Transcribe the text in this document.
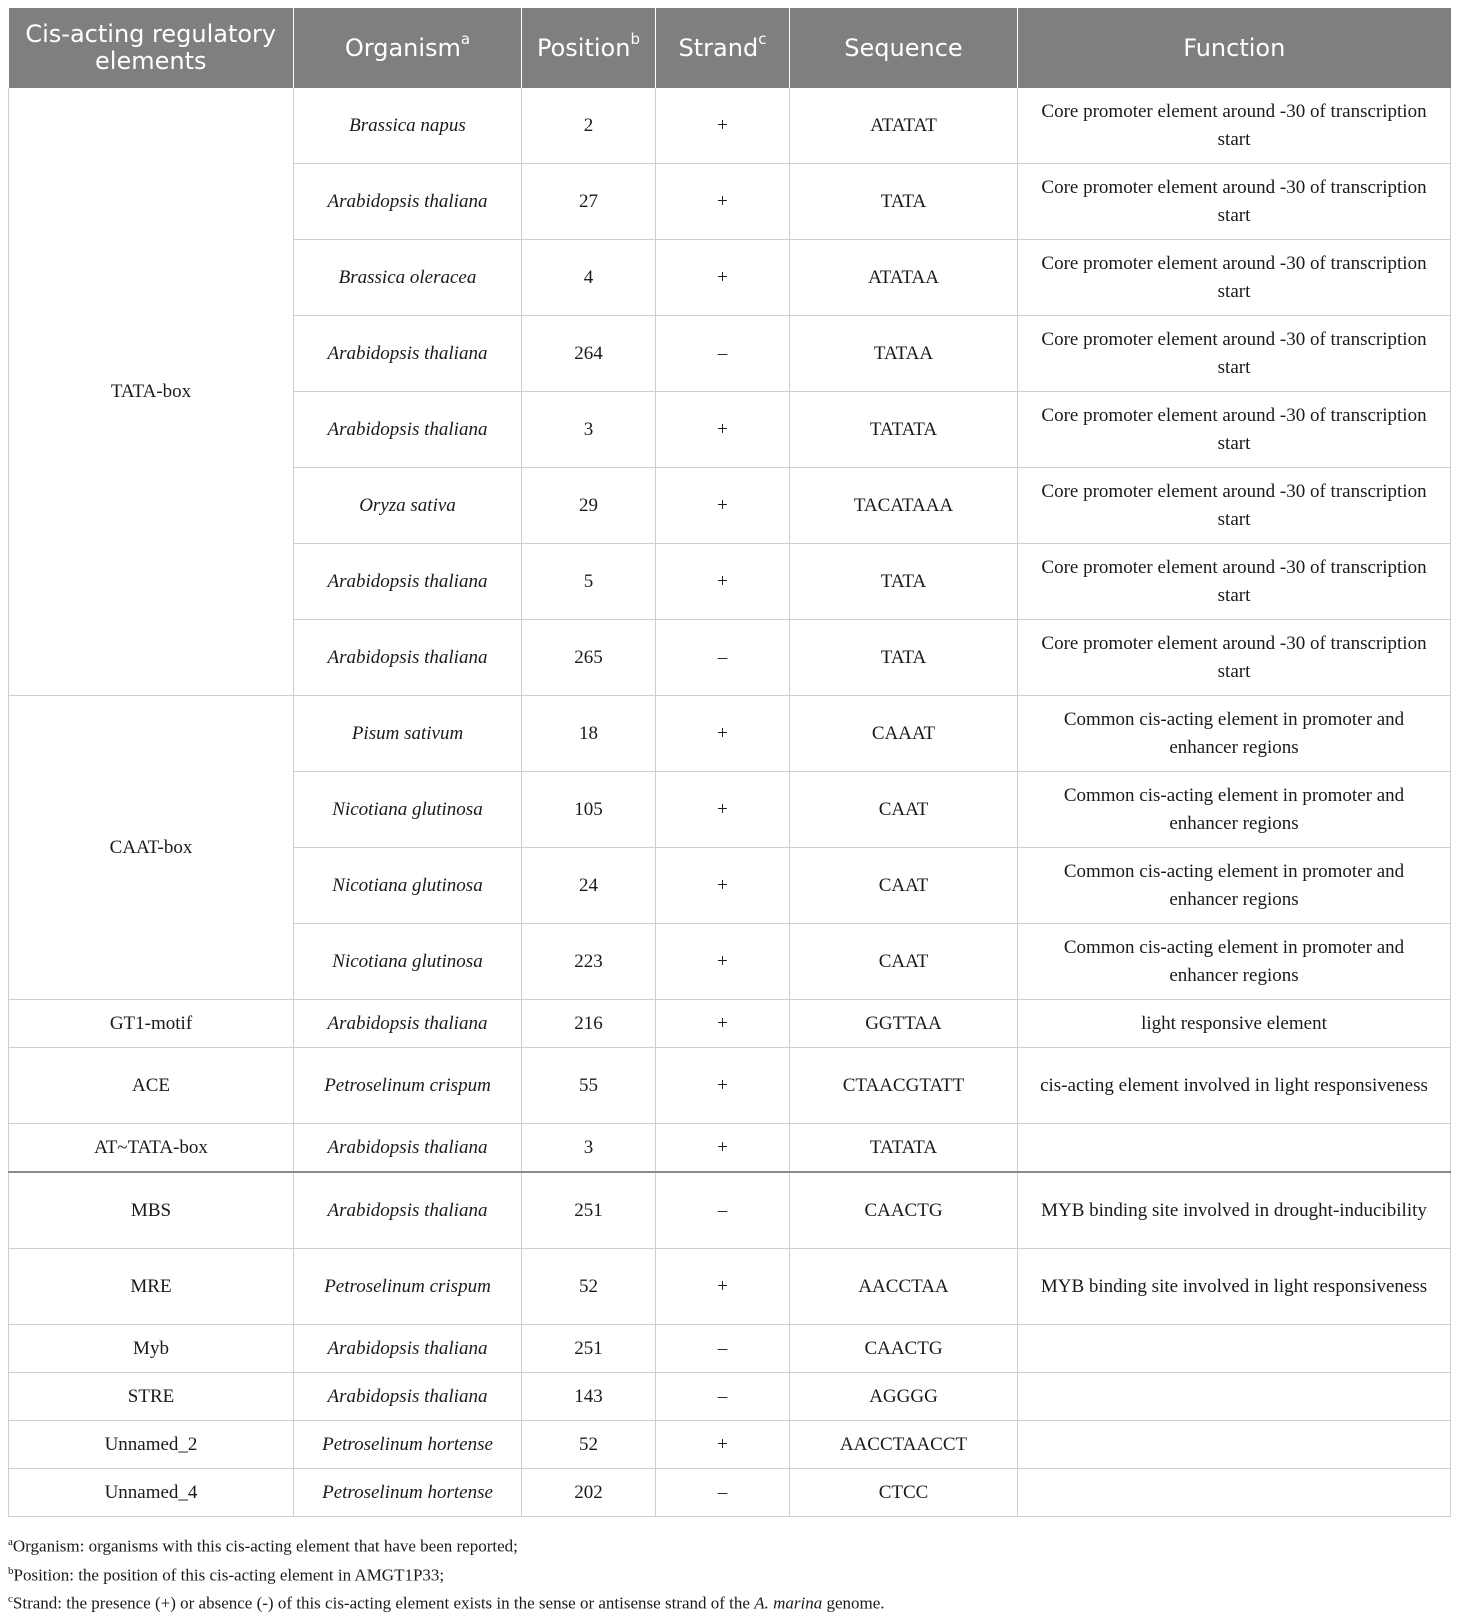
Cis-acting regulatory elements	Organism$^a$	Position$^b$	Strand$^c$	Sequence	Function
TATA-box	Brassica napus	2	+	ATATAT	Core promoter element around -30 of transcription start
	Arabidopsis thaliana	27	+	TATA	Core promoter element around -30 of transcription start
	Brassica oleracea	4	+	ATATAA	Core promoter element around -30 of transcription start
	Arabidopsis thaliana	264	–	TATAA	Core promoter element around -30 of transcription start
	Arabidopsis thaliana	3	+	TATATA	Core promoter element around -30 of transcription start
	Oryza sativa	29	+	TACATAAA	Core promoter element around -30 of transcription start
	Arabidopsis thaliana	5	+	TATA	Core promoter element around -30 of transcription start
	Arabidopsis thaliana	265	–	TATA	Core promoter element around -30 of transcription start
CAAT-box	Pisum sativum	18	+	CAAAT	Common cis-acting element in promoter and enhancer regions
	Nicotiana glutinosa	105	+	CAAT	Common cis-acting element in promoter and enhancer regions
	Nicotiana glutinosa	24	+	CAAT	Common cis-acting element in promoter and enhancer regions
	Nicotiana glutinosa	223	+	CAAT	Common cis-acting element in promoter and enhancer regions
GT1-motif	Arabidopsis thaliana	216	+	GGTTAA	light responsive element
ACE	Petroselinum crispum	55	+	CTAACGTATT	cis-acting element involved in light responsiveness
AT~TATA-box	Arabidopsis thaliana	3	+	TATATA	
MBS	Arabidopsis thaliana	251	–	CAACTG	MYB binding site involved in drought-inducibility
MRE	Petroselinum crispum	52	+	AACCTAA	MYB binding site involved in light responsiveness
Myb	Arabidopsis thaliana	251	–	CAACTG	
STRE	Arabidopsis thaliana	143	–	AGGGG	
Unnamed_2	Petroselinum hortense	52	+	AACCTAACCT	
Unnamed_4	Petroselinum hortense	202	–	CTCC	

$^a$Organism: organisms with this cis-acting element that have been reported;

$^b$Position: the position of this cis-acting element in AMGT1P33;

$^c$Strand: the presence (+) or absence (-) of this cis-acting element exists in the sense or antisense strand of the A. marina genome.
